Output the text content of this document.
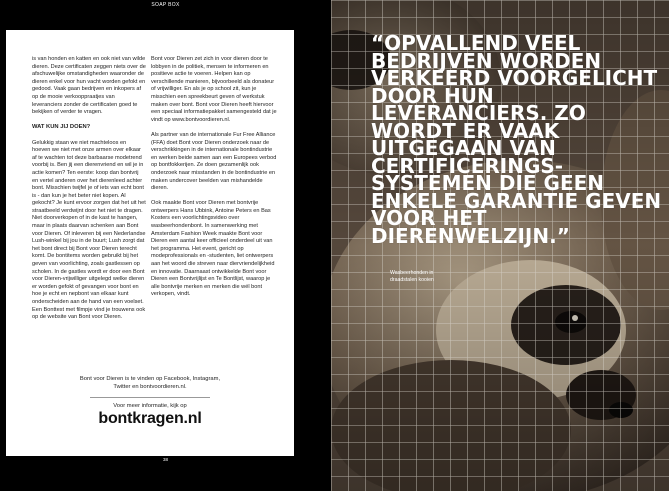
SOAP BOX

is van honden en katten en ook niet van wilde dieren. Deze certificaten zeggen niets over de afschuwelijke omstandigheden waaronder de dieren enkel voor hun vacht worden gefokt en gedood. Vaak gaan bedrijven en inkopers af op de mooie verkooppraatjes van leveranciers zonder de certificaten goed te bekijken of verder te vragen.

WAT KUN JIJ DOEN?

Gelukkig staan we niet machteloos en hoeven we niet met onze armen over elkaar af te wachten tot deze barbaarse modetrend voorbij is. Ben jij een dierenvriend en wil je in actie komen? Ten eerste: koop dan bontvrij en vertel anderen over het dierenleed achter bont. Misschien twijfel je of iets van echt bont is - dan kun je het beter niet kopen. Al gekocht? Je kunt ervoor zorgen dat het uit het straatbeeld verdwijnt door het niet te dragen. Niet doorverkopen of in de kast te hangen, maar in plaats daarvan schenken aan Bont voor Dieren. Of inleveren bij een Nederlandse Lush-winkel bij jou in de buurt; Lush zorgt dat het bont direct bij Bont voor Dieren terecht komt. De bontitems worden gebruikt bij het geven van voorlichting, zoals gastlessen op scholen. In de gastles wordt er door een Bont voor Dieren-vrijwilliger uitgelegd welke dieren er worden gefokt of gevangen voor bont en hoe je echt en nepbont van elkaar kunt onderscheiden aan de hand van een voelset. Een Bonttest met filmpje vind je trouwens ook op de website van Bont voor Dieren.

Bont voor Dieren zet zich in voor dieren door te lobbyen in de politiek, mensen te informeren en positieve actie te voeren. Helpen kan op verschillende manieren, bijvoorbeeld als donateur of vrijwilliger. En als je op school zit, kun je misschien een spreekbeurt geven of werkstuk maken over bont. Bont voor Dieren heeft hiervoor een speciaal informatiepakket samengesteld dat je vindt op www.bontvoordieren.nl.

Als partner van de internationale Fur Free Alliance (FFA) doet Bont voor Dieren onderzoek naar de verschrikkingen in de internationale bontindustrie en werken beide samen aan een Europees verbod op bontfokkerijen. Ze doen gezamenlijk ook onderzoek naar misstanden in de bontindustrie en maken undercover beelden van mishandelde dieren.

Ook maakte Bont voor Dieren met bontvrije ontwerpers Hans Ubbink, Antoine Peters en Bas Kosters een voorlichtingsvideo over wasbeerhondenbont. In samenwerking met Amsterdam Fashion Week maakte Bont voor Dieren een aantal keer officieel onderdeel uit van het programma. Het event, gericht op modeprofessionals en -studenten, liet ontwerpers aan het woord die streven naar diervriendelijkheid en innovatie. Daarnaast ontwikkelde Bont voor Dieren een Bontvrijlijst en Te Bontlijst, waarop je alle bontvrije merken en merken die wél bont verkopen, vindt.

Bont voor Dieren is te vinden op Facebook, Instagram, Twitter en bontvoordieren.nl.
Voor meer informatie, kijk op
bontkragen.nl
38

“OPVALLEND VEEL BEDRIJVEN WORDEN VERKEERD VOORGELICHT DOOR HUN LEVERANCIERS. ZO WORDT ER VAAK UITGEGAAN VAN CERTIFICERINGS-SYSTEMEN DIE GEEN ENKELE GARANTIE GEVEN VOOR HET DIERENWELZIJN.”

Wasbeerhonden in draadstalen kooien
